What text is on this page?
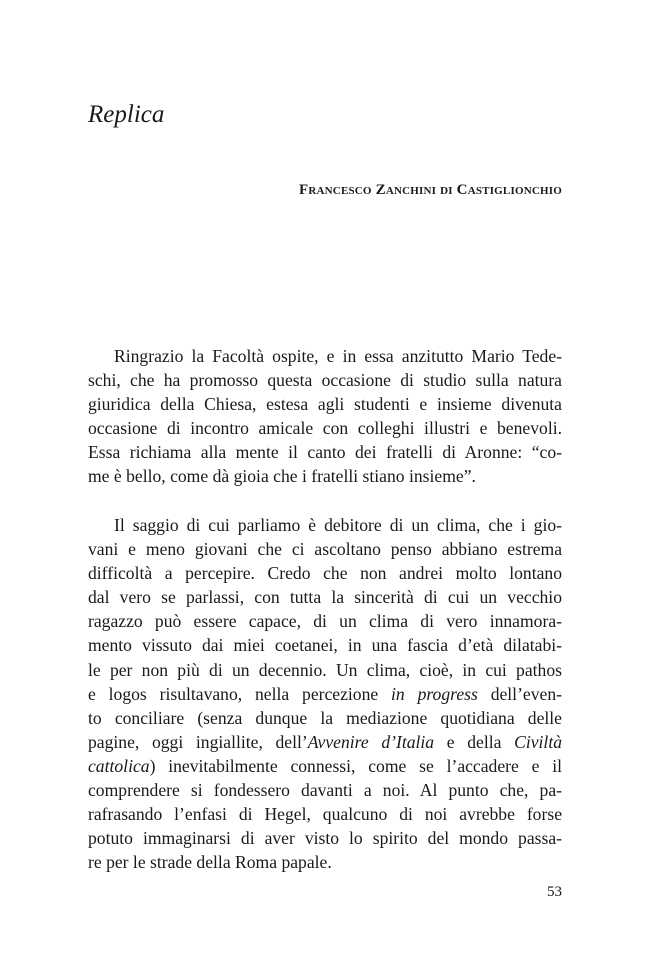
Replica

Francesco Zanchini di Castiglionchio

Ringrazio la Facoltà ospite, e in essa anzitutto Mario Tede-
schi, che ha promosso questa occasione di studio sulla natura
giuridica della Chiesa, estesa agli studenti e insieme divenuta
occasione di incontro amicale con colleghi illustri e benevoli.
Essa richiama alla mente il canto dei fratelli di Aronne: “co-
me è bello, come dà gioia che i fratelli stiano insieme”.
Il saggio di cui parliamo è debitore di un clima, che i gio-
vani e meno giovani che ci ascoltano penso abbiano estrema
difficoltà a percepire. Credo che non andrei molto lontano
dal vero se parlassi, con tutta la sincerità di cui un vecchio
ragazzo può essere capace, di un clima di vero innamora-
mento vissuto dai miei coetanei, in una fascia d’età dilatabi-
le per non più di un decennio. Un clima, cioè, in cui pathos
e logos risultavano, nella percezione in progress dell’even-
to conciliare (senza dunque la mediazione quotidiana delle
pagine, oggi ingiallite, dell’Avvenire d’Italia e della Civiltà
cattolica) inevitabilmente connessi, come se l’accadere e il
comprendere si fondessero davanti a noi. Al punto che, pa-
rafrasando l’enfasi di Hegel, qualcuno di noi avrebbe forse
potuto immaginarsi di aver visto lo spirito del mondo passa-
re per le strade della Roma papale.

53
